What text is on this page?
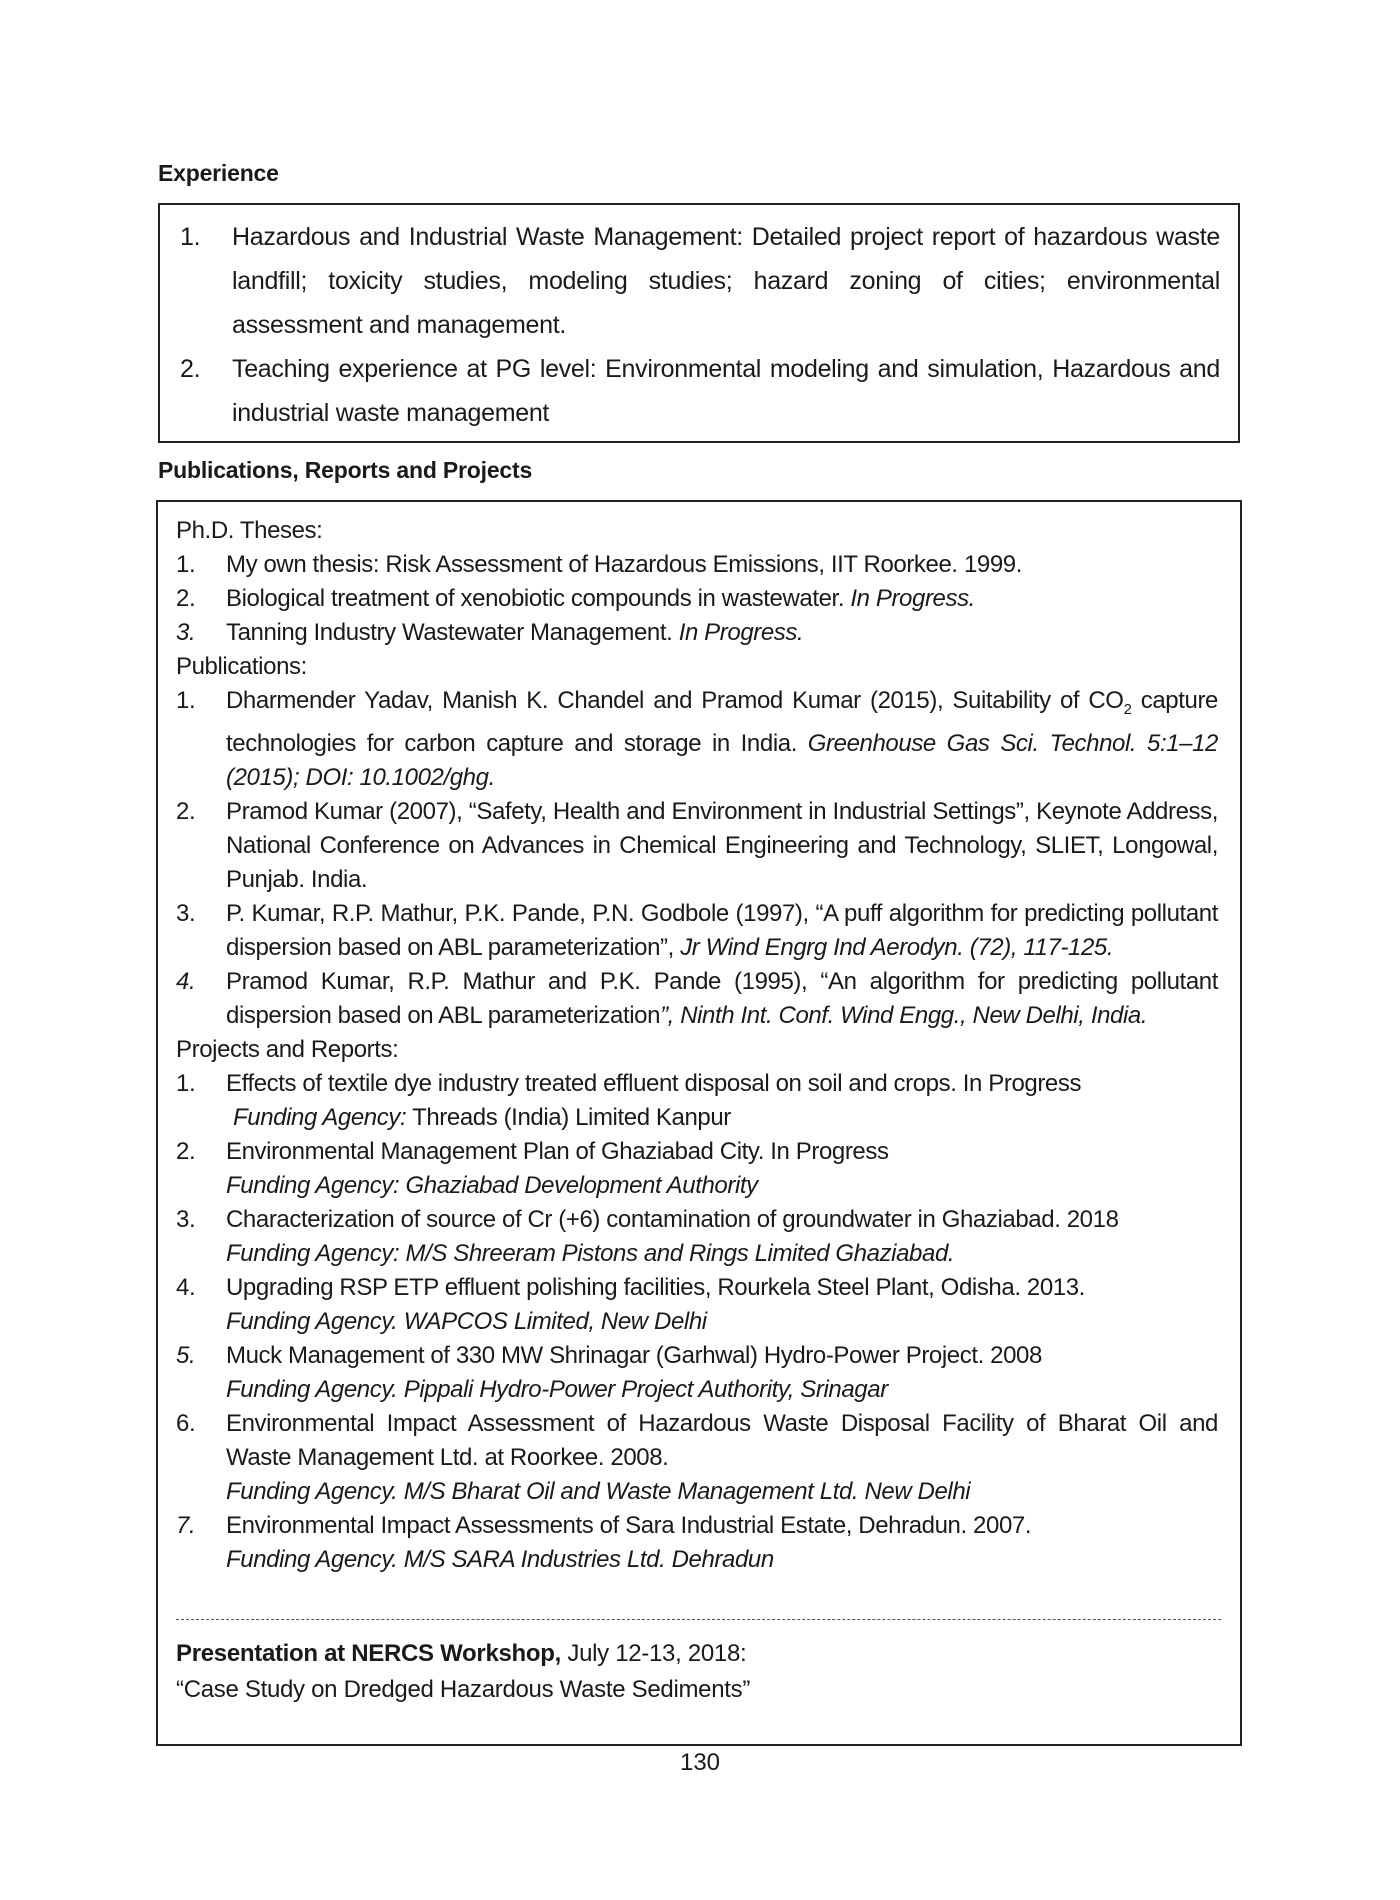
Experience
1.	Hazardous and Industrial Waste Management: Detailed project report of hazardous waste landfill; toxicity studies, modeling studies; hazard zoning of cities; environmental assessment and management.
2.	Teaching experience at PG level: Environmental modeling and simulation, Hazardous and industrial waste management
Publications, Reports and Projects
Ph.D. Theses:
1.	My own thesis: Risk Assessment of Hazardous Emissions, IIT Roorkee. 1999.
2.	Biological treatment of xenobiotic compounds in wastewater. In Progress.
3.	Tanning Industry Wastewater Management. In Progress.
Publications:
1.	Dharmender Yadav, Manish K. Chandel and Pramod Kumar (2015), Suitability of $CO_2$ capture technologies for carbon capture and storage in India. Greenhouse Gas Sci. Technol. 5:1–12 (2015); DOI: 10.1002/ghg.
2.	Pramod Kumar (2007), “Safety, Health and Environment in Industrial Settings”, Keynote Address, National Conference on Advances in Chemical Engineering and Technology, SLIET, Longowal, Punjab. India.
3.	P. Kumar, R.P. Mathur, P.K. Pande, P.N. Godbole (1997), “A puff algorithm for predicting pollutant dispersion based on ABL parameterization”, Jr Wind Engrg Ind Aerodyn. (72), 117-125.
4.	Pramod Kumar, R.P. Mathur and P.K. Pande (1995), “An algorithm for predicting pollutant dispersion based on ABL parameterization”, Ninth Int. Conf. Wind Engg., New Delhi, India.
Projects and Reports:
1.	Effects of textile dye industry treated effluent disposal on soil and crops. In Progress
Funding Agency: Threads (India) Limited Kanpur
2.	Environmental Management Plan of Ghaziabad City. In Progress
Funding Agency: Ghaziabad Development Authority
3.	Characterization of source of Cr (+6) contamination of groundwater in Ghaziabad. 2018
Funding Agency: M/S Shreeram Pistons and Rings Limited Ghaziabad.
4.	Upgrading RSP ETP effluent polishing facilities, Rourkela Steel Plant, Odisha. 2013.
Funding Agency. WAPCOS Limited, New Delhi
5.	Muck Management of 330 MW Shrinagar (Garhwal) Hydro-Power Project. 2008
Funding Agency. Pippali Hydro-Power Project Authority, Srinagar
6.	Environmental Impact Assessment of Hazardous Waste Disposal Facility of Bharat Oil and Waste Management Ltd. at Roorkee. 2008.
Funding Agency. M/S Bharat Oil and Waste Management Ltd. New Delhi
7.	Environmental Impact Assessments of Sara Industrial Estate, Dehradun. 2007.
Funding Agency. M/S SARA Industries Ltd. Dehradun
Presentation at NERCS Workshop, July 12-13, 2018:
“Case Study on Dredged Hazardous Waste Sediments”
130
